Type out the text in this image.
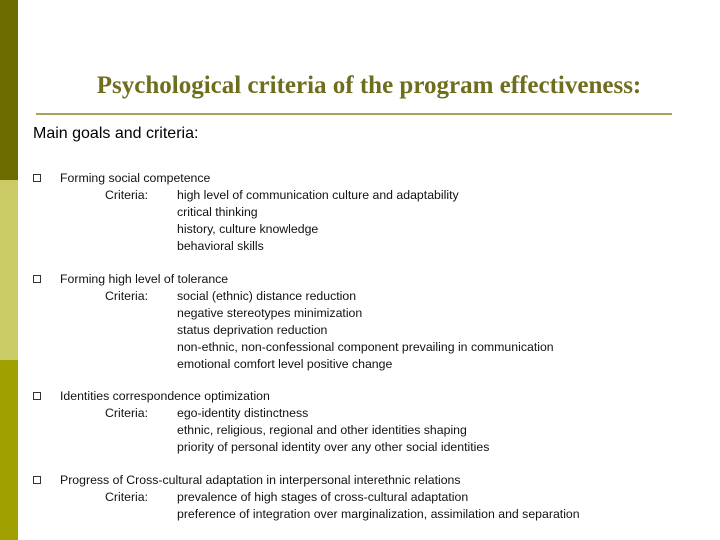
Psychological criteria of the program effectiveness:
Main goals and criteria:
Forming social competence
Criteria: high level of communication culture and adaptability
critical thinking
history, culture knowledge
behavioral skills
Forming high level of tolerance
Criteria: social (ethnic) distance reduction
negative stereotypes minimization
status deprivation reduction
non-ethnic, non-confessional component prevailing in communication
emotional comfort level positive change
Identities correspondence optimization
Criteria: ego-identity distinctness
ethnic, religious, regional and other identities shaping
priority of personal identity over any other social identities
Progress of Cross-cultural adaptation in interpersonal interethnic relations
Criteria: prevalence of high stages of cross-cultural adaptation
preference of integration over marginalization, assimilation and separation
